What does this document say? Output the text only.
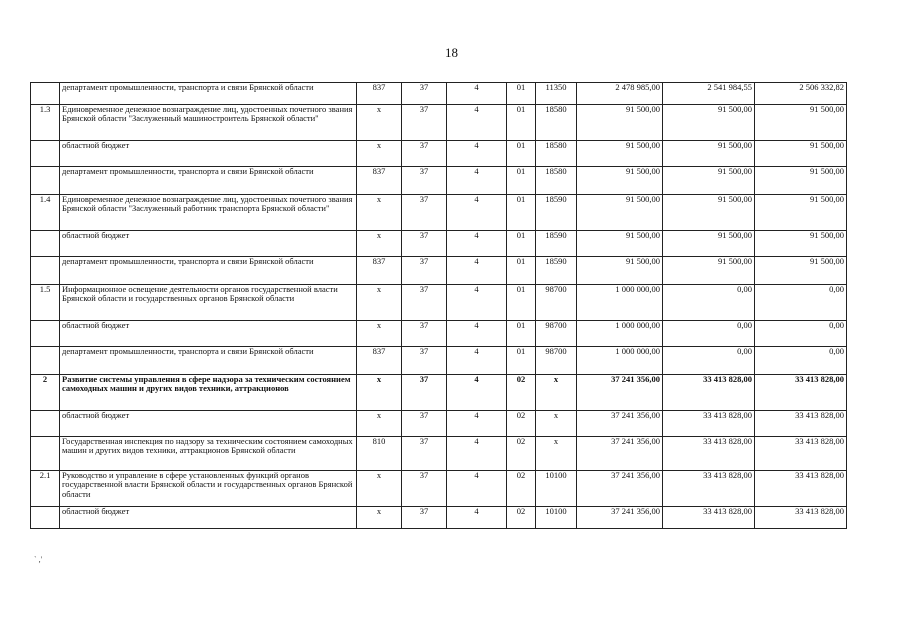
18
	департамент промышленности, транспорта и связи Брянской области	837	37	4	01	11350	2 478 985,00	2 541 984,55	2 506 332,82
1.3	Единовременное денежное вознаграждение лиц, удостоенных почетного звания Брянской области "Заслуженный машиностроитель Брянской области"	х	37	4	01	18580	91 500,00	91 500,00	91 500,00
	областной бюджет	х	37	4	01	18580	91 500,00	91 500,00	91 500,00
	департамент промышленности, транспорта и связи Брянской области	837	37	4	01	18580	91 500,00	91 500,00	91 500,00
1.4	Единовременное денежное вознаграждение лиц, удостоенных почетного звания Брянской области "Заслуженный работник транспорта Брянской области"	х	37	4	01	18590	91 500,00	91 500,00	91 500,00
	областной бюджет	х	37	4	01	18590	91 500,00	91 500,00	91 500,00
	департамент промышленности, транспорта и связи Брянской области	837	37	4	01	18590	91 500,00	91 500,00	91 500,00
1.5	Информационное освещение деятельности органов государственной власти Брянской области и государственных органов Брянской области	х	37	4	01	98700	1 000 000,00	0,00	0,00
	областной бюджет	х	37	4	01	98700	1 000 000,00	0,00	0,00
	департамент промышленности, транспорта и связи Брянской области	837	37	4	01	98700	1 000 000,00	0,00	0,00
2	Развитие системы управления в сфере надзора за техническим состоянием самоходных машин и других видов техники, аттракционов	х	37	4	02	х	37 241 356,00	33 413 828,00	33 413 828,00
	областной бюджет	х	37	4	02	х	37 241 356,00	33 413 828,00	33 413 828,00
	Государственная инспекция по надзору за техническим состоянием самоходных машин и других видов техники, аттракционов Брянской области	810	37	4	02	х	37 241 356,00	33 413 828,00	33 413 828,00
2.1	Руководство и управление в сфере установленных функций органов государственной власти Брянской области и государственных органов Брянской области	х	37	4	02	10100	37 241 356,00	33 413 828,00	33 413 828,00
	областной бюджет	х	37	4	02	10100	37 241 356,00	33 413 828,00	33 413 828,00
` ,'
